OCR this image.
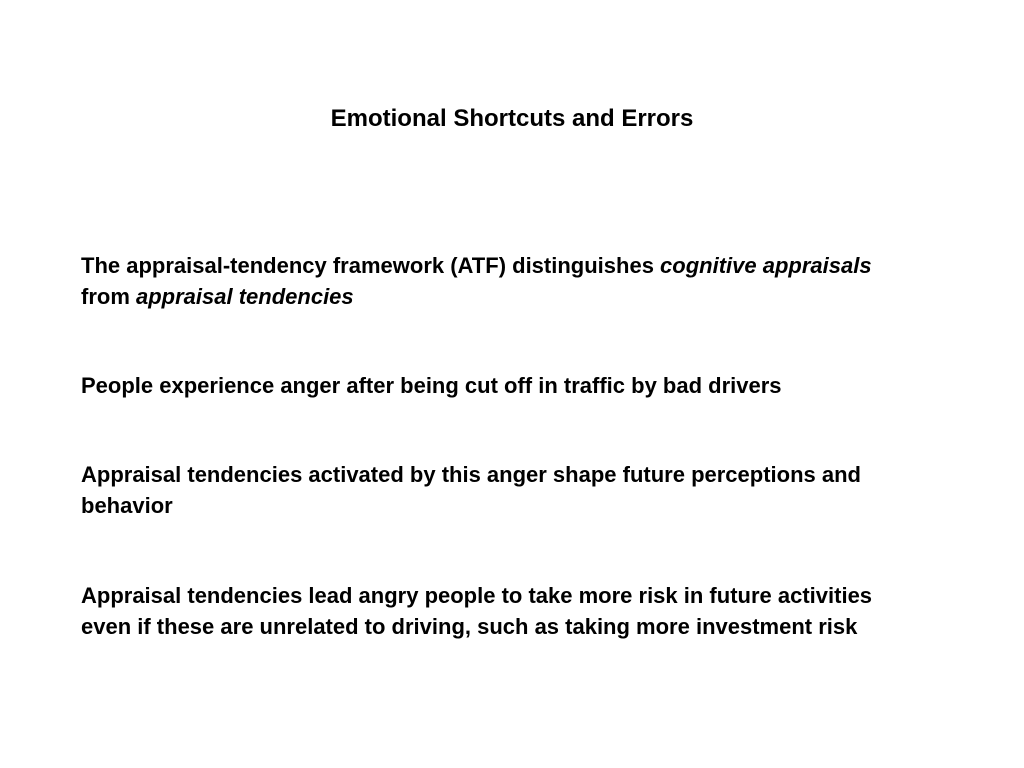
Emotional Shortcuts and Errors

The appraisal-tendency framework (ATF) distinguishes cognitive appraisals from appraisal tendencies

People experience anger after being cut off in traffic by bad drivers

Appraisal tendencies activated by this anger shape future perceptions and behavior

Appraisal tendencies lead angry people to take more risk in future activities even if these are unrelated to driving, such as taking more investment risk
